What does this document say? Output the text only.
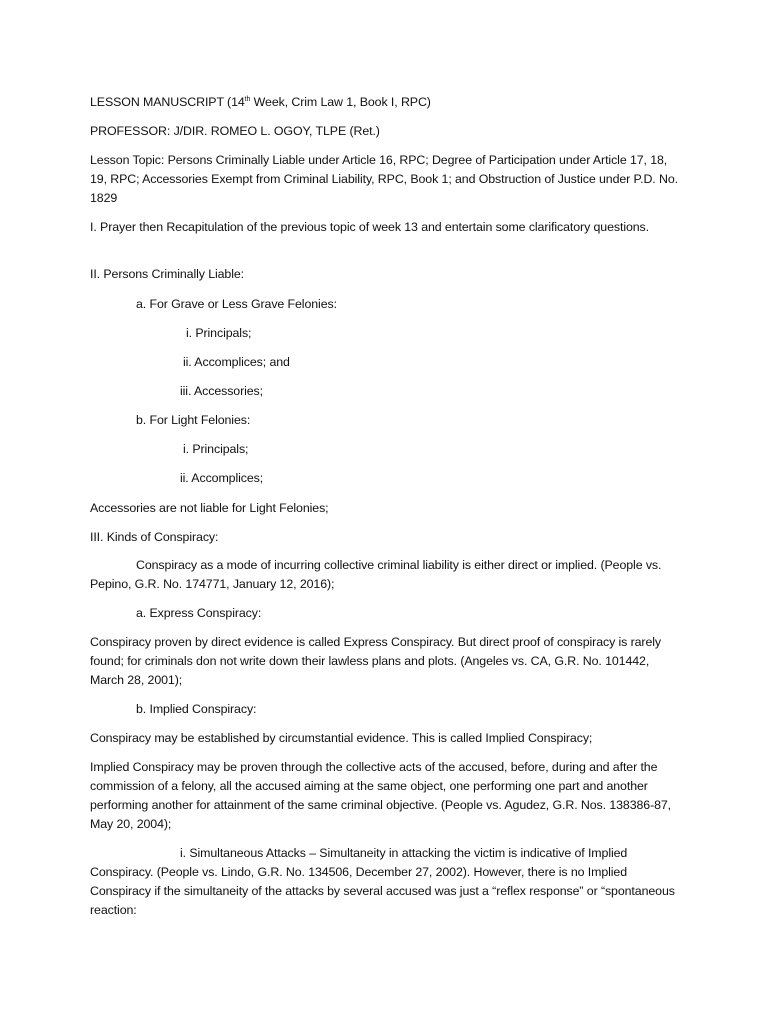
LESSON MANUSCRIPT (14th Week, Crim Law 1, Book I, RPC)

PROFESSOR: J/DIR. ROMEO L. OGOY, TLPE (Ret.)

Lesson Topic: Persons Criminally Liable under Article 16, RPC; Degree of Participation under Article 17, 18, 19, RPC; Accessories Exempt from Criminal Liability, RPC, Book 1; and Obstruction of Justice under P.D. No. 1829

I. Prayer then Recapitulation of the previous topic of week 13 and entertain some clarificatory questions.

II. Persons Criminally Liable:

a. For Grave or Less Grave Felonies:

i. Principals;

ii. Accomplices; and

iii. Accessories;

b. For Light Felonies:

i. Principals;

ii. Accomplices;

Accessories are not liable for Light Felonies;

III. Kinds of Conspiracy:

Conspiracy as a mode of incurring collective criminal liability is either direct or implied. (People vs. Pepino, G.R. No. 174771, January 12, 2016);

a. Express Conspiracy:

Conspiracy proven by direct evidence is called Express Conspiracy. But direct proof of conspiracy is rarely found; for criminals don not write down their lawless plans and plots. (Angeles vs. CA, G.R. No. 101442, March 28, 2001);

b. Implied Conspiracy:

Conspiracy may be established by circumstantial evidence. This is called Implied Conspiracy;

Implied Conspiracy may be proven through the collective acts of the accused, before, during and after the commission of a felony, all the accused aiming at the same object, one performing one part and another performing another for attainment of the same criminal objective. (People vs. Agudez, G.R. Nos. 138386-87, May 20, 2004);

i. Simultaneous Attacks – Simultaneity in attacking the victim is indicative of Implied Conspiracy. (People vs. Lindo, G.R. No. 134506, December 27, 2002). However, there is no Implied Conspiracy if the simultaneity of the attacks by several accused was just a “reflex response” or “spontaneous reaction:
